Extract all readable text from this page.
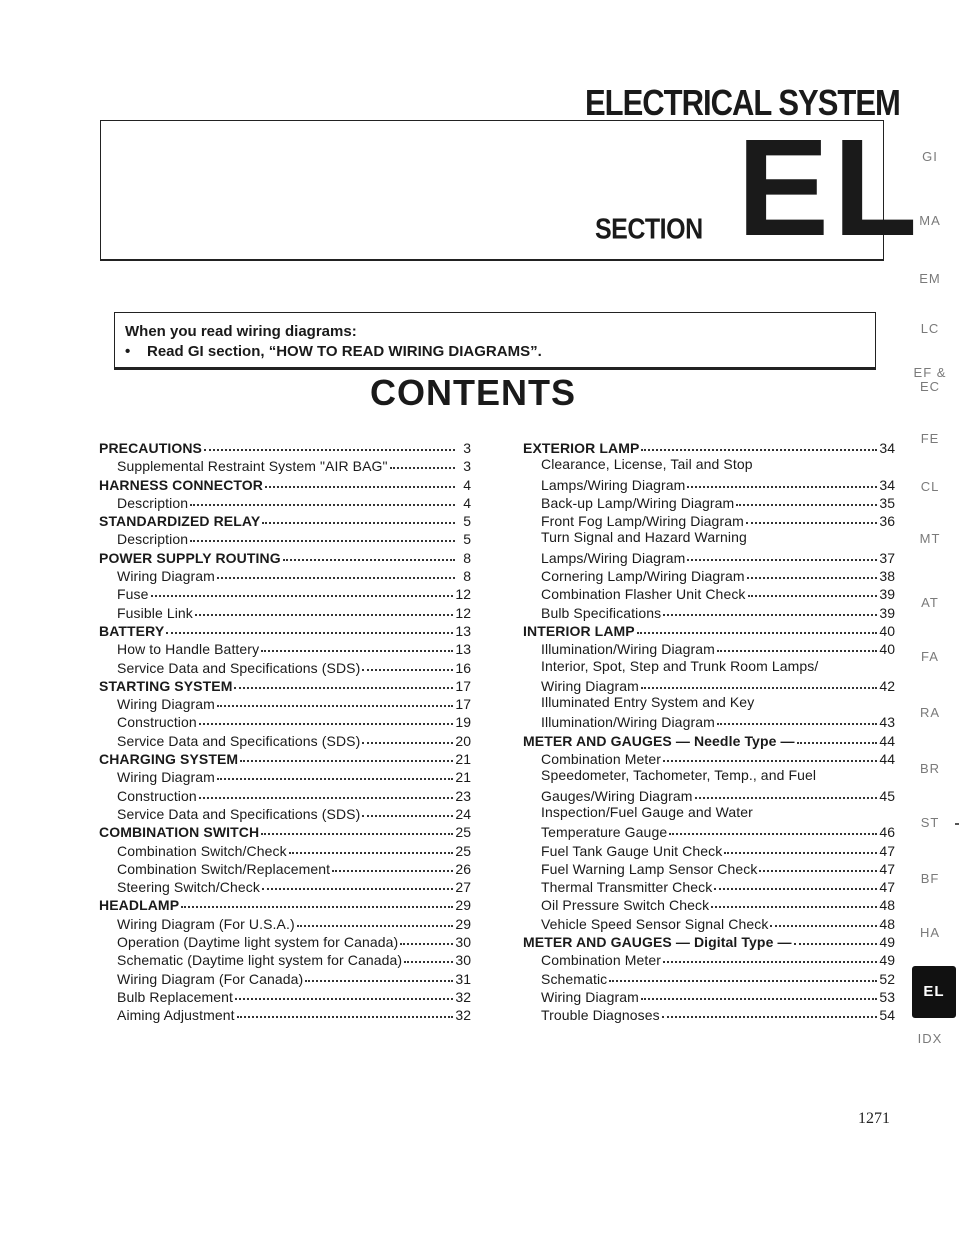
ELECTRICAL SYSTEM
SECTION EL
When you read wiring diagrams:
• Read GI section, “HOW TO READ WIRING DIAGRAMS”.
CONTENTS
PRECAUTIONS	3
Supplemental Restraint System "AIR BAG"	3
HARNESS CONNECTOR	4
Description	4
STANDARDIZED RELAY	5
Description	5
POWER SUPPLY ROUTING	8
Wiring Diagram	8
Fuse	12
Fusible Link	12
BATTERY	13
How to Handle Battery	13
Service Data and Specifications (SDS)	16
STARTING SYSTEM	17
Wiring Diagram	17
Construction	19
Service Data and Specifications (SDS)	20
CHARGING SYSTEM	21
Wiring Diagram	21
Construction	23
Service Data and Specifications (SDS)	24
COMBINATION SWITCH	25
Combination Switch/Check	25
Combination Switch/Replacement	26
Steering Switch/Check	27
HEADLAMP	29
Wiring Diagram (For U.S.A.)	29
Operation (Daytime light system for Canada)	30
Schematic (Daytime light system for Canada)	30
Wiring Diagram (For Canada)	31
Bulb Replacement	32
Aiming Adjustment	32
EXTERIOR LAMP	34
Clearance, License, Tail and Stop
Lamps/Wiring Diagram	34
Back-up Lamp/Wiring Diagram	35
Front Fog Lamp/Wiring Diagram	36
Turn Signal and Hazard Warning
Lamps/Wiring Diagram	37
Cornering Lamp/Wiring Diagram	38
Combination Flasher Unit Check	39
Bulb Specifications	39
INTERIOR LAMP	40
Illumination/Wiring Diagram	40
Interior, Spot, Step and Trunk Room Lamps/
Wiring Diagram	42
Illuminated Entry System and Key
Illumination/Wiring Diagram	43
METER AND GAUGES — Needle Type —	44
Combination Meter	44
Speedometer, Tachometer, Temp., and Fuel
Gauges/Wiring Diagram	45
Inspection/Fuel Gauge and Water
Temperature Gauge	46
Fuel Tank Gauge Unit Check	47
Fuel Warning Lamp Sensor Check	47
Thermal Transmitter Check	47
Oil Pressure Switch Check	48
Vehicle Speed Sensor Signal Check	48
METER AND GAUGES — Digital Type —	49
Combination Meter	49
Schematic	52
Wiring Diagram	53
Trouble Diagnoses	54
GI
MA
EM
LC
EF &
EC
FE
CL
MT
AT
FA
RA
BR
ST
BF
HA
EL
IDX
1271
